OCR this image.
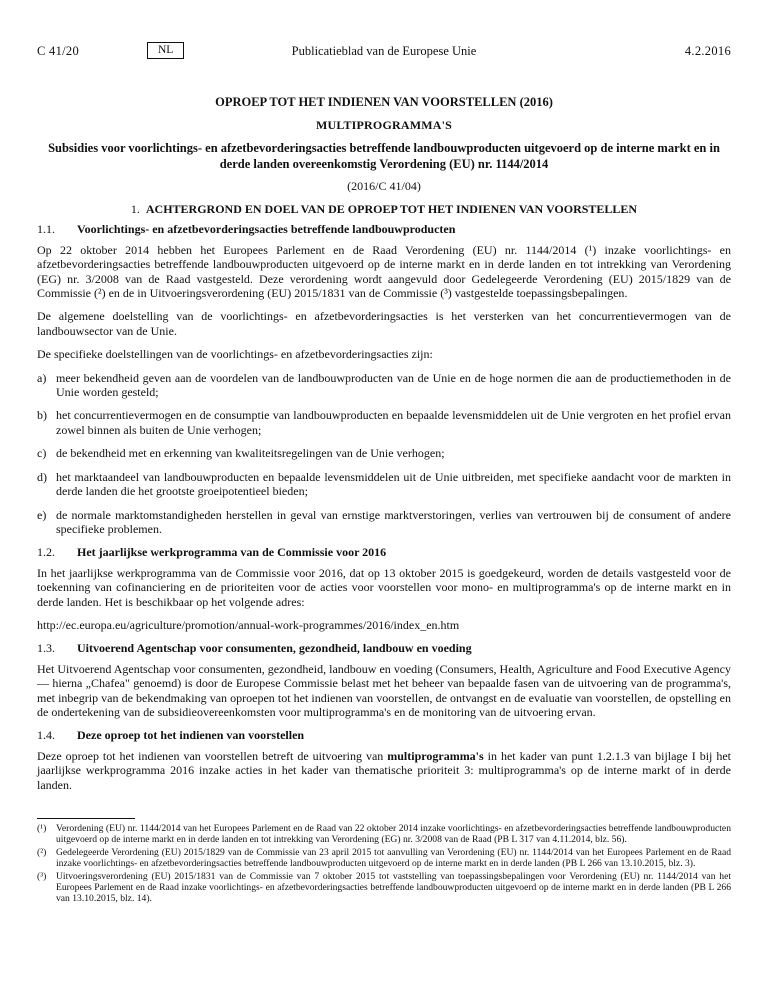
C 41/20	NL	Publicatieblad van de Europese Unie	4.2.2016
OPROEP TOT HET INDIENEN VAN VOORSTELLEN (2016)
MULTIPROGRAMMA'S
Subsidies voor voorlichtings- en afzetbevorderingsacties betreffende landbouwproducten uitgevoerd op de interne markt en in derde landen overeenkomstig Verordening (EU) nr. 1144/2014
(2016/C 41/04)
1. ACHTERGROND EN DOEL VAN DE OPROEP TOT HET INDIENEN VAN VOORSTELLEN
1.1. Voorlichtings- en afzetbevorderingsacties betreffende landbouwproducten

Op 22 oktober 2014 hebben het Europees Parlement en de Raad Verordening (EU) nr. 1144/2014 (¹) inzake voorlichtings- en afzetbevorderingsacties betreffende landbouwproducten uitgevoerd op de interne markt en in derde landen en tot intrekking van Verordening (EG) nr. 3/2008 van de Raad vastgesteld. Deze verordening wordt aangevuld door Gedelegeerde Verordening (EU) 2015/1829 van de Commissie (²) en de in Uitvoeringsverordening (EU) 2015/1831 van de Commissie (³) vastgestelde toepassingsbepalingen.

De algemene doelstelling van de voorlichtings- en afzetbevorderingsacties is het versterken van het concurrentievermogen van de landbouwsector van de Unie.

De specifieke doelstellingen van de voorlichtings- en afzetbevorderingsacties zijn:

a) meer bekendheid geven aan de voordelen van de landbouwproducten van de Unie en de hoge normen die aan de productiemethoden in de Unie worden gesteld;
b) het concurrentievermogen en de consumptie van landbouwproducten en bepaalde levensmiddelen uit de Unie vergroten en het profiel ervan zowel binnen als buiten de Unie verhogen;
c) de bekendheid met en erkenning van kwaliteitsregelingen van de Unie verhogen;
d) het marktaandeel van landbouwproducten en bepaalde levensmiddelen uit de Unie uitbreiden, met specifieke aandacht voor de markten in derde landen die het grootste groeipotentieel bieden;
e) de normale marktomstandigheden herstellen in geval van ernstige marktverstoringen, verlies van vertrouwen bij de consument of andere specifieke problemen.
1.2. Het jaarlijkse werkprogramma van de Commissie voor 2016

In het jaarlijkse werkprogramma van de Commissie voor 2016, dat op 13 oktober 2015 is goedgekeurd, worden de details vastgesteld voor de toekenning van cofinanciering en de prioriteiten voor de acties voor voorstellen voor mono- en multiprogramma's op de interne markt en in derde landen. Het is beschikbaar op het volgende adres:

http://ec.europa.eu/agriculture/promotion/annual-work-programmes/2016/index_en.htm

1.3. Uitvoerend Agentschap voor consumenten, gezondheid, landbouw en voeding

Het Uitvoerend Agentschap voor consumenten, gezondheid, landbouw en voeding (Consumers, Health, Agriculture and Food Executive Agency — hierna „Chafea" genoemd) is door de Europese Commissie belast met het beheer van bepaalde fasen van de uitvoering van de programma's, met inbegrip van de bekendmaking van oproepen tot het indienen van voorstellen, de ontvangst en de evaluatie van voorstellen, de opstelling en de ondertekening van de subsidieovereenkomsten voor multiprogramma's en de monitoring van de uitvoering ervan.

1.4. Deze oproep tot het indienen van voorstellen

Deze oproep tot het indienen van voorstellen betreft de uitvoering van multiprogramma's in het kader van punt 1.2.1.3 van bijlage I bij het jaarlijkse werkprogramma 2016 inzake acties in het kader van thematische prioriteit 3: multiprogramma's op de interne markt of in derde landen.

(¹)	Verordening (EU) nr. 1144/2014 van het Europees Parlement en de Raad van 22 oktober 2014 inzake voorlichtings- en afzetbevorderingsacties betreffende landbouwproducten uitgevoerd op de interne markt en in derde landen en tot intrekking van Verordening (EG) nr. 3/2008 van de Raad (PB L 317 van 4.11.2014, blz. 56).
(²)	Gedelegeerde Verordening (EU) 2015/1829 van de Commissie van 23 april 2015 tot aanvulling van Verordening (EU) nr. 1144/2014 van het Europees Parlement en de Raad inzake voorlichtings- en afzetbevorderingsacties betreffende landbouwproducten uitgevoerd op de interne markt en in derde landen (PB L 266 van 13.10.2015, blz. 3).
(³)	Uitvoeringsverordening (EU) 2015/1831 van de Commissie van 7 oktober 2015 tot vaststelling van toepassingsbepalingen voor Verordening (EU) nr. 1144/2014 van het Europees Parlement en de Raad inzake voorlichtings- en afzetbevorderingsacties betreffende landbouwproducten uitgevoerd op de interne markt en in derde landen (PB L 266 van 13.10.2015, blz. 14).
